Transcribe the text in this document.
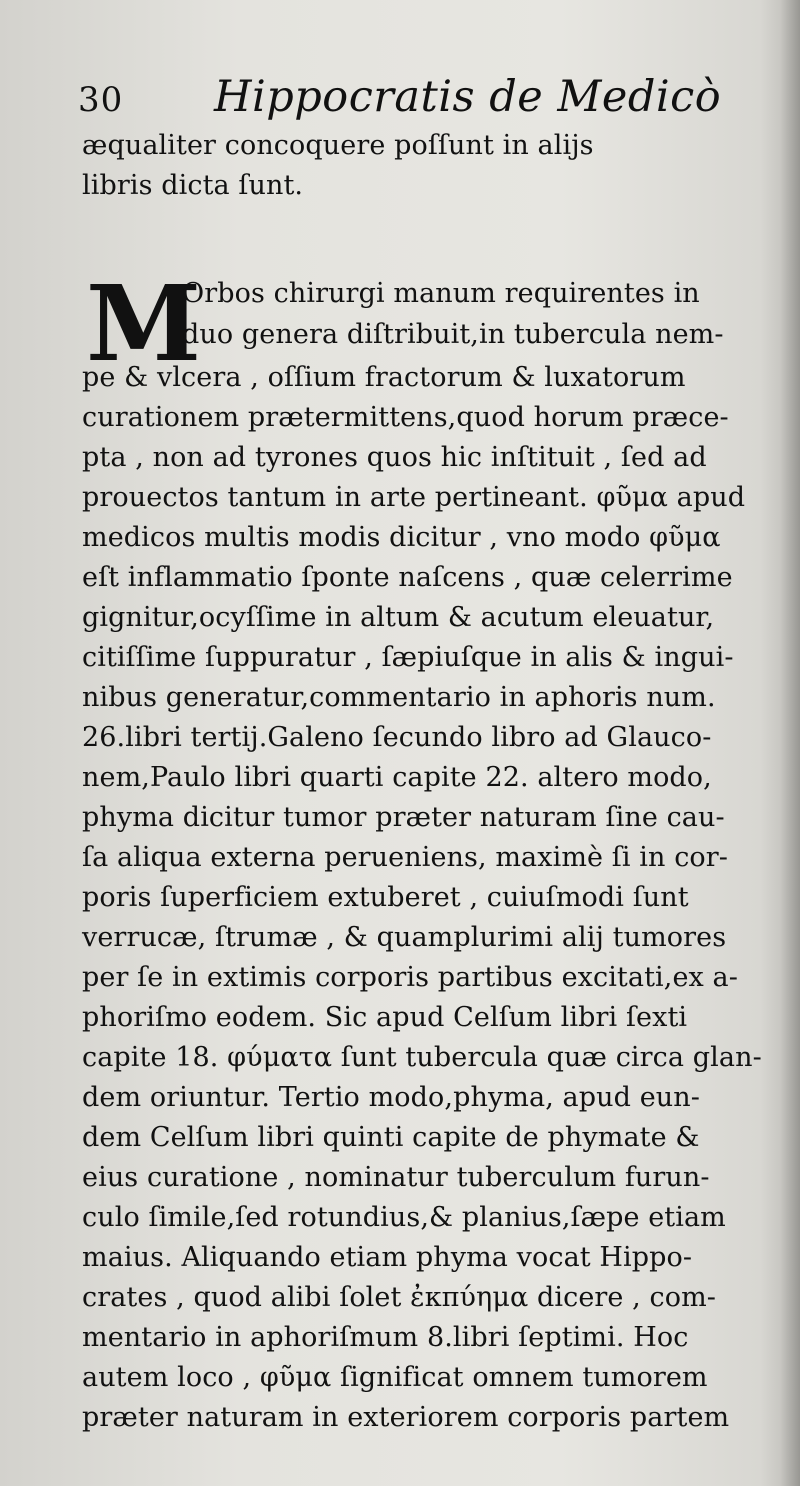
30 Hippocratis de Medicò
æqualiter concoquere poſſunt in aliјs
libris dicta ſunt.
M
Orbos chirurgi manum requirentes in
duo genera diſtribuit,in tubercula nem-
pe & vlcera , oſſium fractorum & luxatorum
curationem prætermittens,quod horum præce-
pta , non ad tyrones quos hic inſtituit , ſed ad
prouectos tantum in arte pertineant. φῦμα apud
medicos multis modis dicitur , vno modo φῦμα
eſt inflammatio ſponte naſcens , quæ celerrime
gignitur,ocyſſime in altum & acutum eleuatur,
citiſſime ſuppuratur , ſæpiuſque in alis & ingui-
nibus generatur,commentario in aphoris num.
26.libri tertij.Galeno ſecundo libro ad Glauco-
nem,Paulo libri quarti capite 22. altero modo,
phyma dicitur tumor præter naturam ſine cau-
ſa aliqua externa perueniens, maximè ſi in cor-
poris ſuperficiem extuberet , cuiuſmodi ſunt
verrucæ, ſtrumæ , & quamplurimi alij tumores
per ſe in extimis corporis partibus excitati,ex a-
phoriſmo eodem. Sic apud Celſum libri ſexti
capite 18. φύματα ſunt tubercula quæ circa glan-
dem oriuntur. Tertio modo,phyma, apud eun-
dem Celſum libri quinti capite de phymate &
eius curatione , nominatur tuberculum furun-
culo ſimile,ſed rotundius,& planius,ſæpe etiam
maius. Aliquando etiam phyma vocat Hippo-
crates , quod alibi ſolet ἐκπύημα dicere , com-
mentario in aphoriſmum 8.libri ſeptimi. Hoc
autem loco , φῦμα ſignificat omnem tumorem
præter naturam in exteriorem corporis partem
